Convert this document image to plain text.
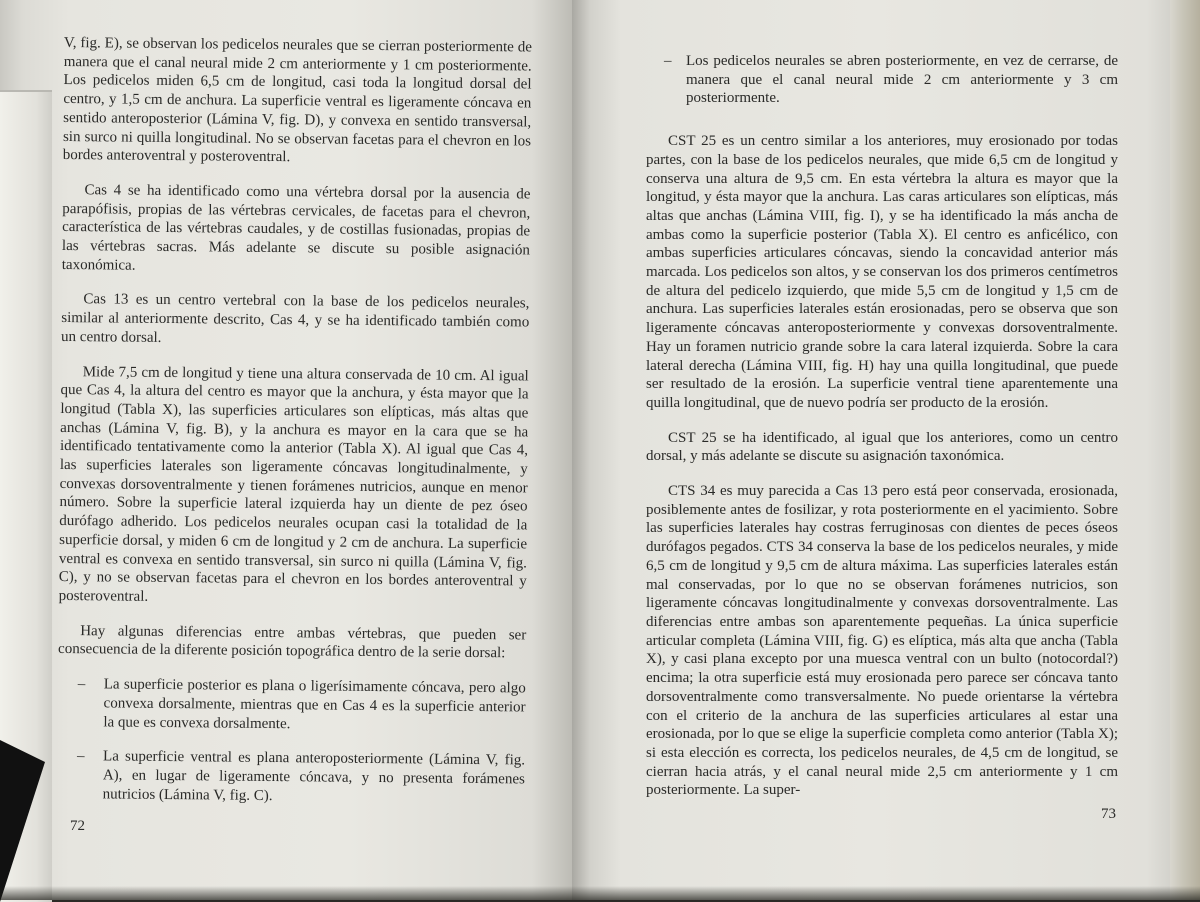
V, fig. E), se observan los pedicelos neurales que se cierran posteriormente de manera que el canal neural mide 2 cm anteriormente y 1 cm posteriormente. Los pedicelos miden 6,5 cm de longitud, casi toda la longitud dorsal del centro, y 1,5 cm de anchura. La superficie ventral es ligeramente cóncava en sentido anteroposterior (Lámina V, fig. D), y convexa en sentido transversal, sin surco ni quilla longitudinal. No se observan facetas para el chevron en los bordes anteroventral y posteroventral.

Cas 4 se ha identificado como una vértebra dorsal por la ausencia de parapófisis, propias de las vértebras cervicales, de facetas para el chevron, característica de las vértebras caudales, y de costillas fusionadas, propias de las vértebras sacras. Más adelante se discute su posible asignación taxonómica.

Cas 13 es un centro vertebral con la base de los pedicelos neurales, similar al anteriormente descrito, Cas 4, y se ha identificado también como un centro dorsal.

Mide 7,5 cm de longitud y tiene una altura conservada de 10 cm. Al igual que Cas 4, la altura del centro es mayor que la anchura, y ésta mayor que la longitud (Tabla X), las superficies articulares son elípticas, más altas que anchas (Lámina V, fig. B), y la anchura es mayor en la cara que se ha identificado tentativamente como la anterior (Tabla X). Al igual que Cas 4, las superficies laterales son ligeramente cóncavas longitudinalmente, y convexas dorsoventralmente y tienen forámenes nutricios, aunque en menor número. Sobre la superficie lateral izquierda hay un diente de pez óseo durófago adherido. Los pedicelos neurales ocupan casi la totalidad de la superficie dorsal, y miden 6 cm de longitud y 2 cm de anchura. La superficie ventral es convexa en sentido transversal, sin surco ni quilla (Lámina V, fig. C), y no se observan facetas para el chevron en los bordes anteroventral y posteroventral.

Hay algunas diferencias entre ambas vértebras, que pueden ser consecuencia de la diferente posición topográfica dentro de la serie dorsal:

– La superficie posterior es plana o ligerísimamente cóncava, pero algo convexa dorsalmente, mientras que en Cas 4 es la superficie anterior la que es convexa dorsalmente.
– La superficie ventral es plana anteroposteriormente (Lámina V, fig. A), en lugar de ligeramente cóncava, y no presenta forámenes nutricios (Lámina V, fig. C).
72
– Los pedicelos neurales se abren posteriormente, en vez de cerrarse, de manera que el canal neural mide 2 cm anteriormente y 3 cm posteriormente.

CST 25 es un centro similar a los anteriores, muy erosionado por todas partes, con la base de los pedicelos neurales, que mide 6,5 cm de longitud y conserva una altura de 9,5 cm. En esta vértebra la altura es mayor que la longitud, y ésta mayor que la anchura. Las caras articulares son elípticas, más altas que anchas (Lámina VIII, fig. I), y se ha identificado la más ancha de ambas como la superficie posterior (Tabla X). El centro es anficélico, con ambas superficies articulares cóncavas, siendo la concavidad anterior más marcada. Los pedicelos son altos, y se conservan los dos primeros centímetros de altura del pedicelo izquierdo, que mide 5,5 cm de longitud y 1,5 cm de anchura. Las superficies laterales están erosionadas, pero se observa que son ligeramente cóncavas anteroposteriormente y convexas dorsoventralmente. Hay un foramen nutricio grande sobre la cara lateral izquierda. Sobre la cara lateral derecha (Lámina VIII, fig. H) hay una quilla longitudinal, que puede ser resultado de la erosión. La superficie ventral tiene aparentemente una quilla longitudinal, que de nuevo podría ser producto de la erosión.

CST 25 se ha identificado, al igual que los anteriores, como un centro dorsal, y más adelante se discute su asignación taxonómica.

CTS 34 es muy parecida a Cas 13 pero está peor conservada, erosionada, posiblemente antes de fosilizar, y rota posteriormente en el yacimiento. Sobre las superficies laterales hay costras ferruginosas con dientes de peces óseos durófagos pegados. CTS 34 conserva la base de los pedicelos neurales, y mide 6,5 cm de longitud y 9,5 cm de altura máxima. Las superficies laterales están mal conservadas, por lo que no se observan forámenes nutricios, son ligeramente cóncavas longitudinalmente y convexas dorsoventralmente. Las diferencias entre ambas son aparentemente pequeñas. La única superficie articular completa (Lámina VIII, fig. G) es elíptica, más alta que ancha (Tabla X), y casi plana excepto por una muesca ventral con un bulto (notocordal?) encima; la otra superficie está muy erosionada pero parece ser cóncava tanto dorsoventralmente como transversalmente. No puede orientarse la vértebra con el criterio de la anchura de las superficies articulares al estar una erosionada, por lo que se elige la superficie completa como anterior (Tabla X); si esta elección es correcta, los pedicelos neurales, de 4,5 cm de longitud, se cierran hacia atrás, y el canal neural mide 2,5 cm anteriormente y 1 cm posteriormente. La super-

73
